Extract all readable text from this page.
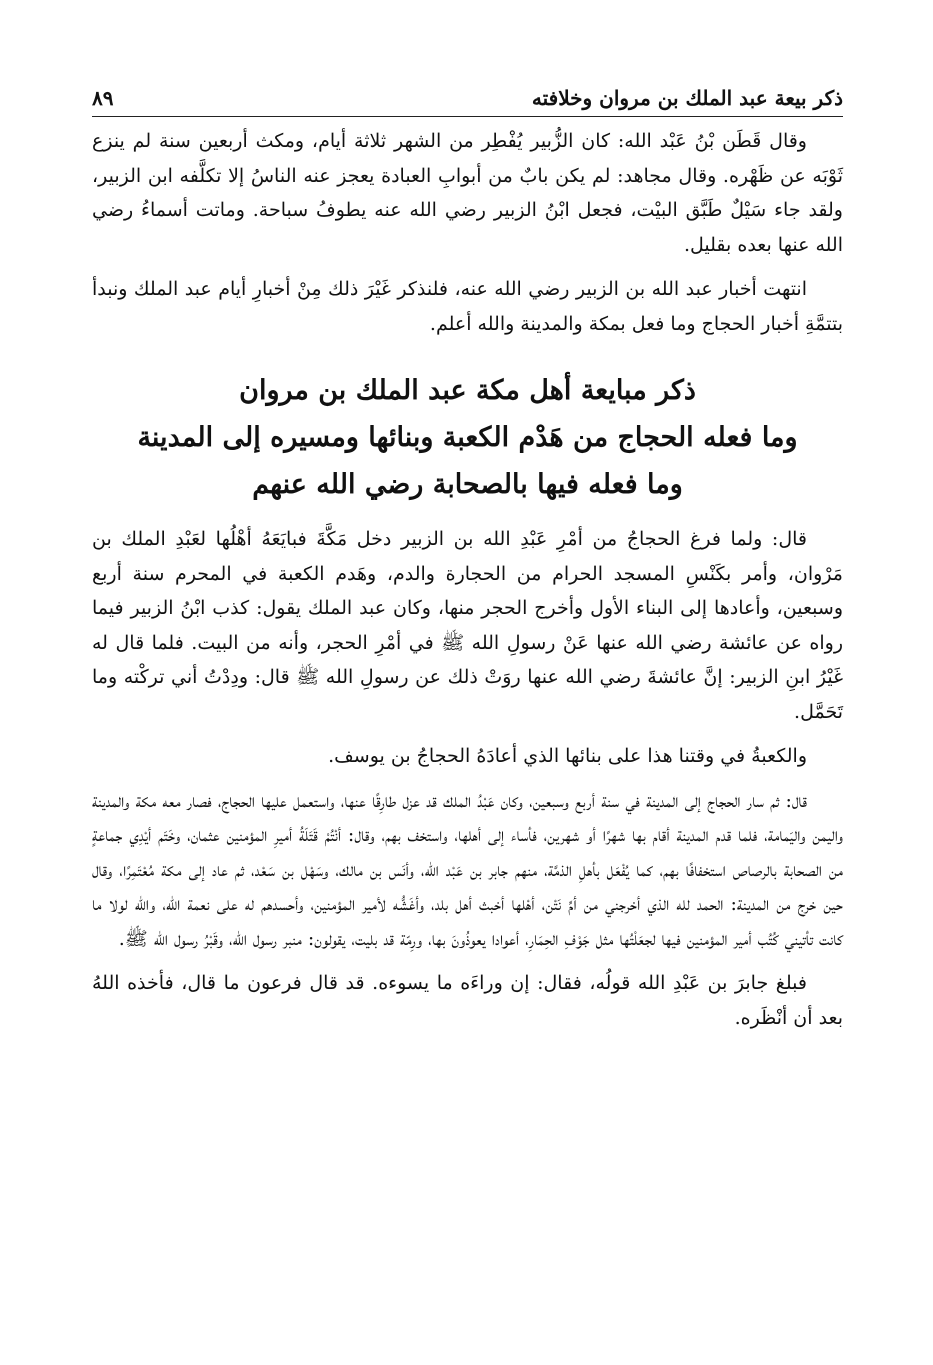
ذكر بيعة عبد الملك بن مروان وخلافته
٨٩

وقال قَطَن بْنُ عَبْد الله: كان الزُّبير يُفْطِر من الشهر ثلاثة أيام، ومكث أربعين سنة لم ينزع ثَوْبَه عن ظَهْره. وقال مجاهد: لم يكن بابٌ من أبوابِ العبادة يعجز عنه الناسُ إلا تكلَّفه ابن الزبير، ولقد جاء سَيْلٌ طَبَّق البيْت، فجعل ابْنُ الزبير رضي الله عنه يطوفُ سباحة. وماتت أسماءُ رضي الله عنها بعده بقليل.

انتهت أخبار عبد الله بن الزبير رضي الله عنه، فلنذكر غَيْرَ ذلك مِنْ أخبارِ أيام عبد الملك ونبدأ بتتمَّةِ أخبار الحجاج وما فعل بمكة والمدينة والله أعلم.

ذكر مبايعة أهل مكة عبد الملك بن مروان
وما فعله الحجاج من هَدْم الكعبة وبنائها ومسيره إلى المدينة
وما فعله فيها بالصحابة رضي الله عنهم

قال: ولما فرغ الحجاجُ من أمْرِ عَبْدِ الله بن الزبير دخل مَكَّةَ فبايَعَهُ أهْلُها لعَبْدِ الملك بن مَرْوان، وأمر بكَنْسِ المسجد الحرام من الحجارة والدم، وهَدم الكعبة في المحرم سنة أربع وسبعين، وأعادها إلى البناء الأول وأخرج الحجر منها، وكان عبد الملك يقول: كذب ابْنُ الزبير فيما رواه عن عائشة رضي الله عنها عَنْ رسولِ الله ﷺ في أمْرِ الحجر، وأنه من البيت. فلما قال له غَيْرُ ابنِ الزبير: إنَّ عائشةَ رضي الله عنها روَتْ ذلك عن رسولِ الله ﷺ قال: ودِدْتُ أني تركْته وما تَحَمَّل.

والكعبةُ في وقتنا هذا على بنائها الذي أعادَهُ الحجاجُ بن يوسف.

قال: ثم سار الحجاج إلى المدينة في سنة أربع وسبعين، وكان عَبْدُ الملك قد عزل طارِقًا عنها، واستعمل عليها الحجاج، فصار معه مكة والمدينة واليمن واليَمامة، فلما قدم المدينة أقام بها شهرًا أو شهرين، فأساء إلى أهلها، واستخف بهم، وقال: أنْتُمْ قَتَلَةُ أميرِ المؤمنين عثمان، وخَتَم أيْدِي جماعةٍ من الصحابة بالرصاص استخفافًا بهم، كما يُفْعَل بأهلِ الذمَّة، منهم جابر بن عَبْد الله، وأنَس بن مالك، وسَهْل بن سَعْد، ثم عاد إلى مكة مُعْتَمِرًا، وقال حين خرج من المدينة: الحمد لله الذي أخرجني من أمِّ نَتْن، أهْلها أخبث أهل بلد، وأغَشُّه لأمير المؤمنين، وأحسدهم له على نعمة الله، والله لولا ما كانت تأتيني كُتُب أمير المؤمنين فيها لجعَلْتُها مثل جَوْفِ الحِمَارِ، أعوادا يعوذُونَ بها، ورِمّة قد بليت، يقولون: منبر رسول الله، وقَبْرُ رسول الله ﷺ.

فبلغ جابرَ بن عَبْدِ الله قولُه، فقال: إن وراءَه ما يسوءه. قد قال فرعون ما قال، فأخذه اللهُ بعد أن أنْظَره.
